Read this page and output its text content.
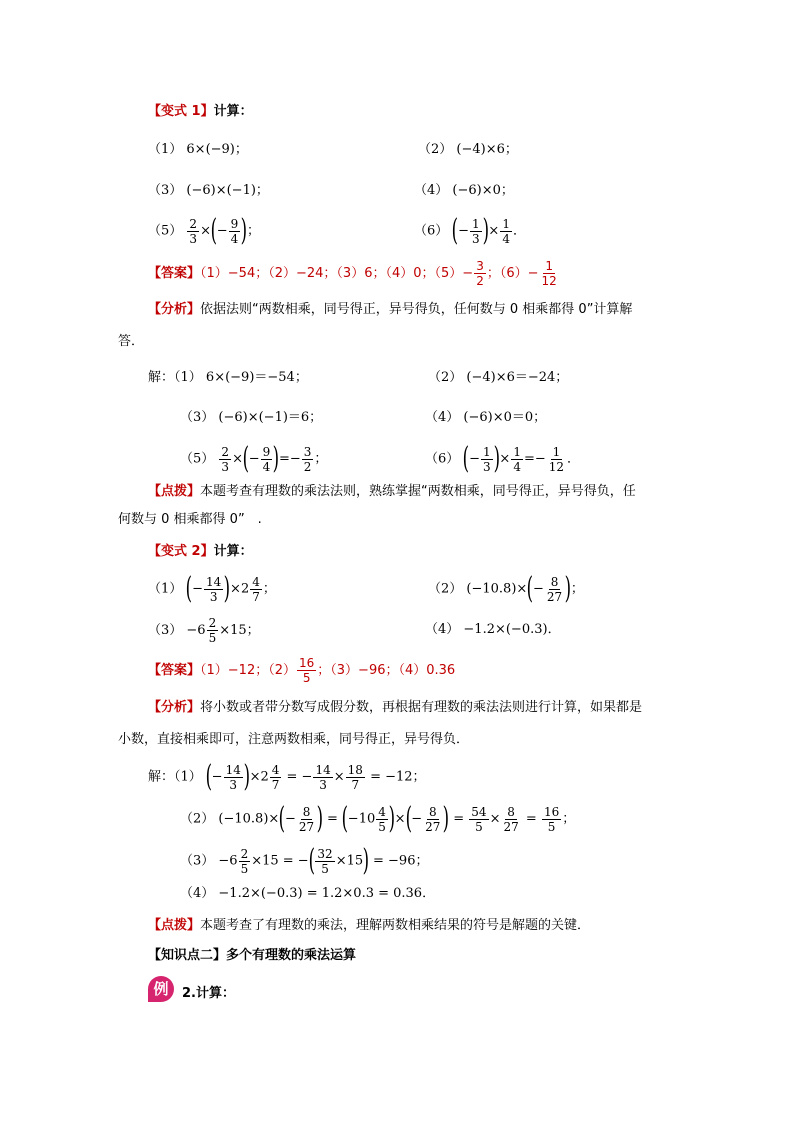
【变式 1】计算：
（1） 6×(−9)；	（2） (−4)×6；
（3） (−6)×(−1)；	（4） (−6)×0；
$(5) \frac{2}{3}$ ×(− $\frac{9}{4}$ )；	（6） (− $\frac{1}{3}$ )× $\frac{1}{4}$ ．
【答案】（1）−54；（2）−24；（3）6；（4）0；$(5)- \frac{3}{2}$ ；$(6)- \frac{1}{12}$
【分析】依据法则“两数相乘，同号得正，异号得负，任何数与 0 相乘都得 0”计算解
答．
解：（1） 6×(−9)＝−54；	（2） (−4)×6＝−24；
（3） (−6)×(−1)＝6；	（4） (−6)×0＝0；
$(5) \frac{2}{3}$ ×(− $\frac{9}{4}$ )=− $\frac{3}{2}$ ；	（6） (− $\frac{1}{3}$ )× $\frac{1}{4} =- \frac{1}{12}$ ．
【点拨】本题考查有理数的乘法法则，熟练掌握“两数相乘，同号得正，异号得负，任
何数与 0 相乘都得 0”　.
【变式 2】计算：
（1） (− $\frac{14}{3} )\times 2 \frac{4}{7}$ ；	（2） $(-10.8)\times(- \frac{8}{27}$ )；
$(3) -6 \frac{2}{5} \times 15$；	（4） −1.2×(−0.3)．
【答案】（1）−12；$(2) \frac{16}{5}$ ；（3）−96；（4）0.36
【分析】将小数或者带分数写成假分数，再根据有理数的乘法法则进行计算，如果都是
小数，直接相乘即可，注意两数相乘，同号得正，异号得负．
解：（1） (− $\frac{14}{3} )\times 2 \frac{4}{7}$ = − $\frac{14}{3} \times \frac{18}{7} = -12$；
（2） $(-10.8)\times(- \frac{8}{27}$ ) = ($-10 \frac{4}{5}$ )×(− $\frac{8}{27}$ ) = $\frac{54}{5} \times \frac{8}{27} = \frac{16}{5}$ ；
$(3) -6 \frac{2}{5} \times 15$ = −( $\frac{32}{5} \times 15) = -96$；
（4） −1.2×(−0.3) = 1.2×0.3 = 0.36．
【点拨】本题考查了有理数的乘法，理解两数相乘结果的符号是解题的关键．
【知识点二】多个有理数的乘法运算
例	2.计算：
